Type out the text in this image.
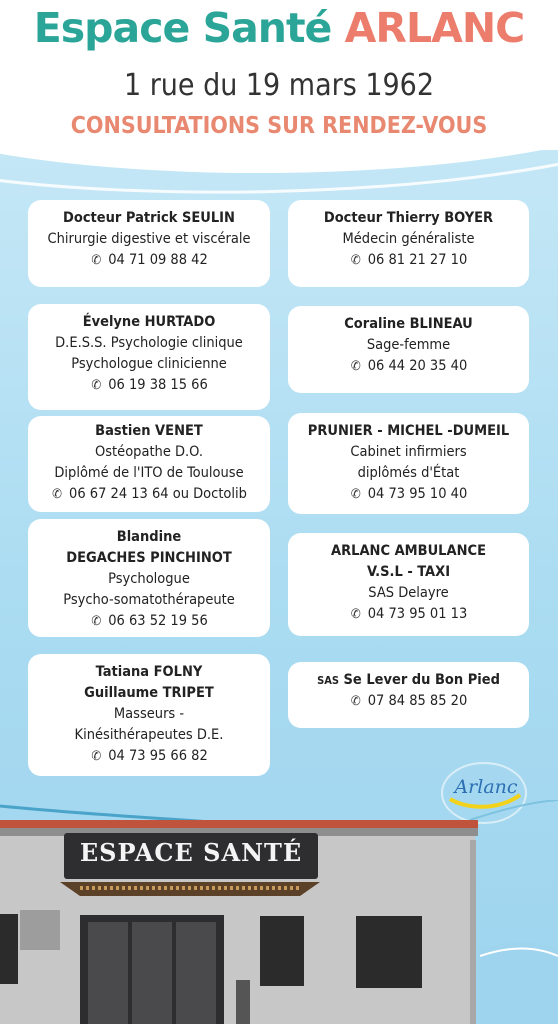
Espace Santé ARLANC
1 rue du 19 mars 1962
CONSULTATIONS SUR RENDEZ-VOUS
Docteur Patrick SEULIN
Chirurgie digestive et viscérale
✆ 04 71 09 88 42
Évelyne HURTADO
D.E.S.S. Psychologie clinique
Psychologue clinicienne
✆ 06 19 38 15 66
Bastien VENET
Ostéopathe D.O.
Diplômé de l'ITO de Toulouse
✆ 06 67 24 13 64 ou Doctolib
Blandine
DEGACHES PINCHINOT
Psychologue
Psycho-somatothérapeute
✆ 06 63 52 19 56
Tatiana FOLNY
Guillaume TRIPET
Masseurs -
Kinésithérapeutes D.E.
✆ 04 73 95 66 82
Docteur Thierry BOYER
Médecin généraliste
✆ 06 81 21 27 10
Coraline BLINEAU
Sage-femme
✆ 06 44 20 35 40
PRUNIER - MICHEL -DUMEIL
Cabinet infirmiers
diplômés d'État
✆ 04 73 95 10 40
ARLANC AMBULANCE
V.S.L - TAXI
SAS Delayre
✆ 04 73 95 01 13
SAS Se Lever du Bon Pied
✆ 07 84 85 85 20
Arlanc
ESPACE SANTÉ
